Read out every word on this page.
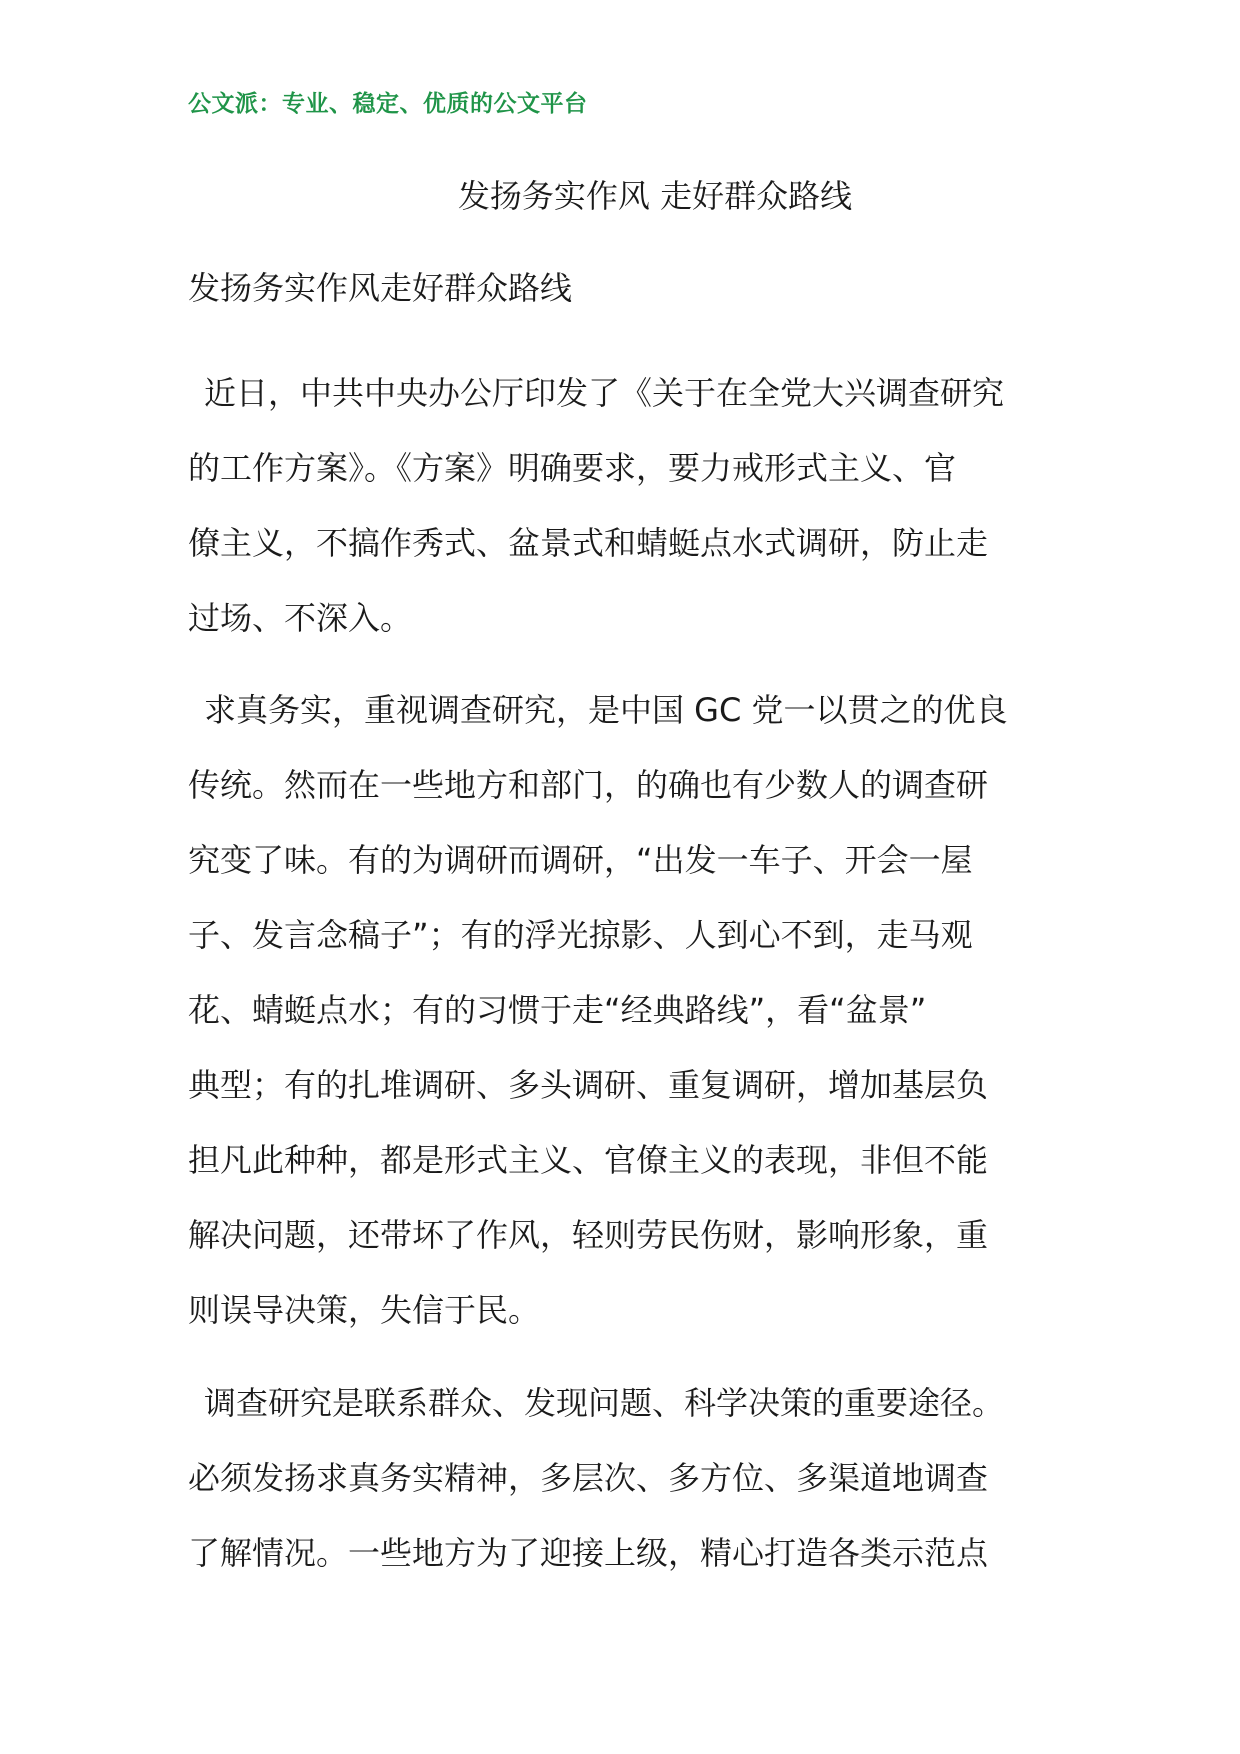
公文派：专业、稳定、优质的公文平台
发扬务实作风 走好群众路线
发扬务实作风走好群众路线
近日，中共中央办公厅印发了《关于在全党大兴调查研究
的工作方案》。《方案》明确要求，要力戒形式主义、官
僚主义，不搞作秀式、盆景式和蜻蜓点水式调研，防止走
过场、不深入。
求真务实，重视调查研究，是中国 GC 党一以贯之的优良
传统。然而在一些地方和部门，的确也有少数人的调查研
究变了味。有的为调研而调研，“出发一车子、开会一屋
子、发言念稿子”；有的浮光掠影、人到心不到，走马观
花、蜻蜓点水；有的习惯于走“经典路线”，看“盆景”
典型；有的扎堆调研、多头调研、重复调研，增加基层负
担凡此种种，都是形式主义、官僚主义的表现，非但不能
解决问题，还带坏了作风，轻则劳民伤财，影响形象，重
则误导决策，失信于民。
调查研究是联系群众、发现问题、科学决策的重要途径。
必须发扬求真务实精神，多层次、多方位、多渠道地调查
了解情况。一些地方为了迎接上级，精心打造各类示范点
